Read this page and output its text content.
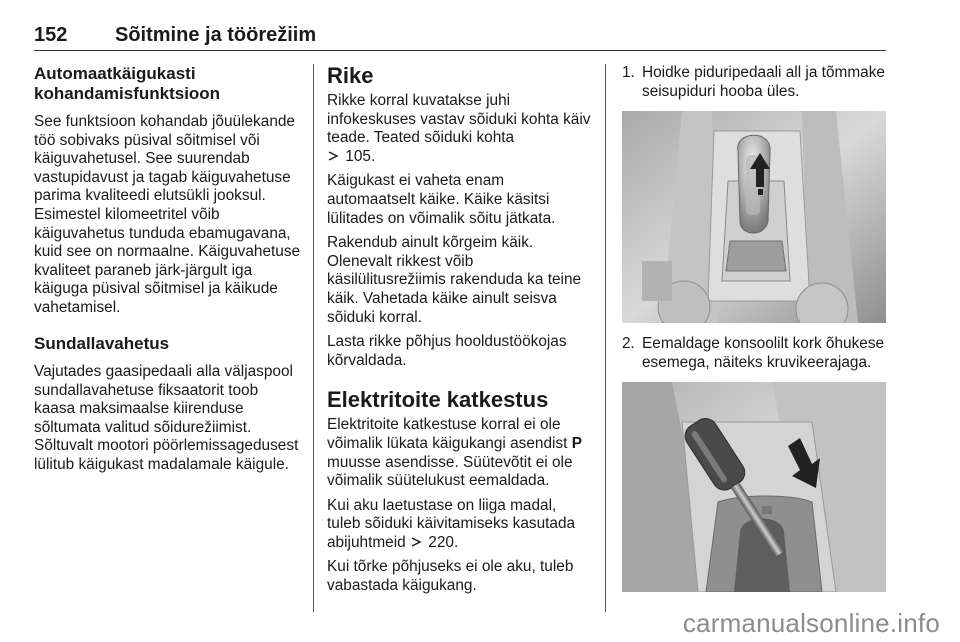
152 Sõitmine ja töörežiim
Automaatkäigukasti kohandamisfunktsioon

See funktsioon kohandab jõuülekande töö sobivaks püsival sõitmisel või käiguvahetusel. See suurendab vastupidavust ja tagab käiguvahetuse parima kvaliteedi elutsükli jooksul. Esimestel kilomeetritel võib käiguvahetus tunduda ebamugavana, kuid see on normaalne. Käiguvahetuse kvaliteet paraneb järk-järgult iga käiguga püsival sõitmisel ja käikude vahetamisel.

Sundallavahetus

Vajutades gaasipedaali alla väljaspool sundallavahetuse fiksaatorit toob kaasa maksimaalse kiirenduse sõltumata valitud sõidurežiimist. Sõltuvalt mootori pöörlemissagedusest lülitub käigukast madalamale käigule.

Rike

Rikke korral kuvatakse juhi infokeskuses vastav sõiduki kohta käiv teade. Teated sõiduki kohta
105.

Käigukast ei vaheta enam automaatselt käike. Käike käsitsi lülitades on võimalik sõitu jätkata.

Rakendub ainult kõrgeim käik. Olenevalt rikkest võib käsilülitusrežiimis rakenduda ka teine käik. Vahetada käike ainult seisva sõiduki korral.

Lasta rikke põhjus hooldustöökojas kõrvaldada.

Elektritoite katkestus

Elektritoite katkestuse korral ei ole võimalik lükata käigukangi asendist P muusse asendisse. Süütevõtit ei ole võimalik süütelukust eemaldada.

Kui aku laetustase on liiga madal, tuleb sõiduki käivitamiseks kasutada abijuhtmeid 220.

Kui tõrke põhjuseks ei ole aku, tuleb vabastada käigukang.

1. Hoidke piduripedaali all ja tõmmake seisupiduri hooba üles.
2. Eemaldage konsoolilt kork õhukese esemega, näiteks kruvikeerajaga.
carmanualsonline.info
